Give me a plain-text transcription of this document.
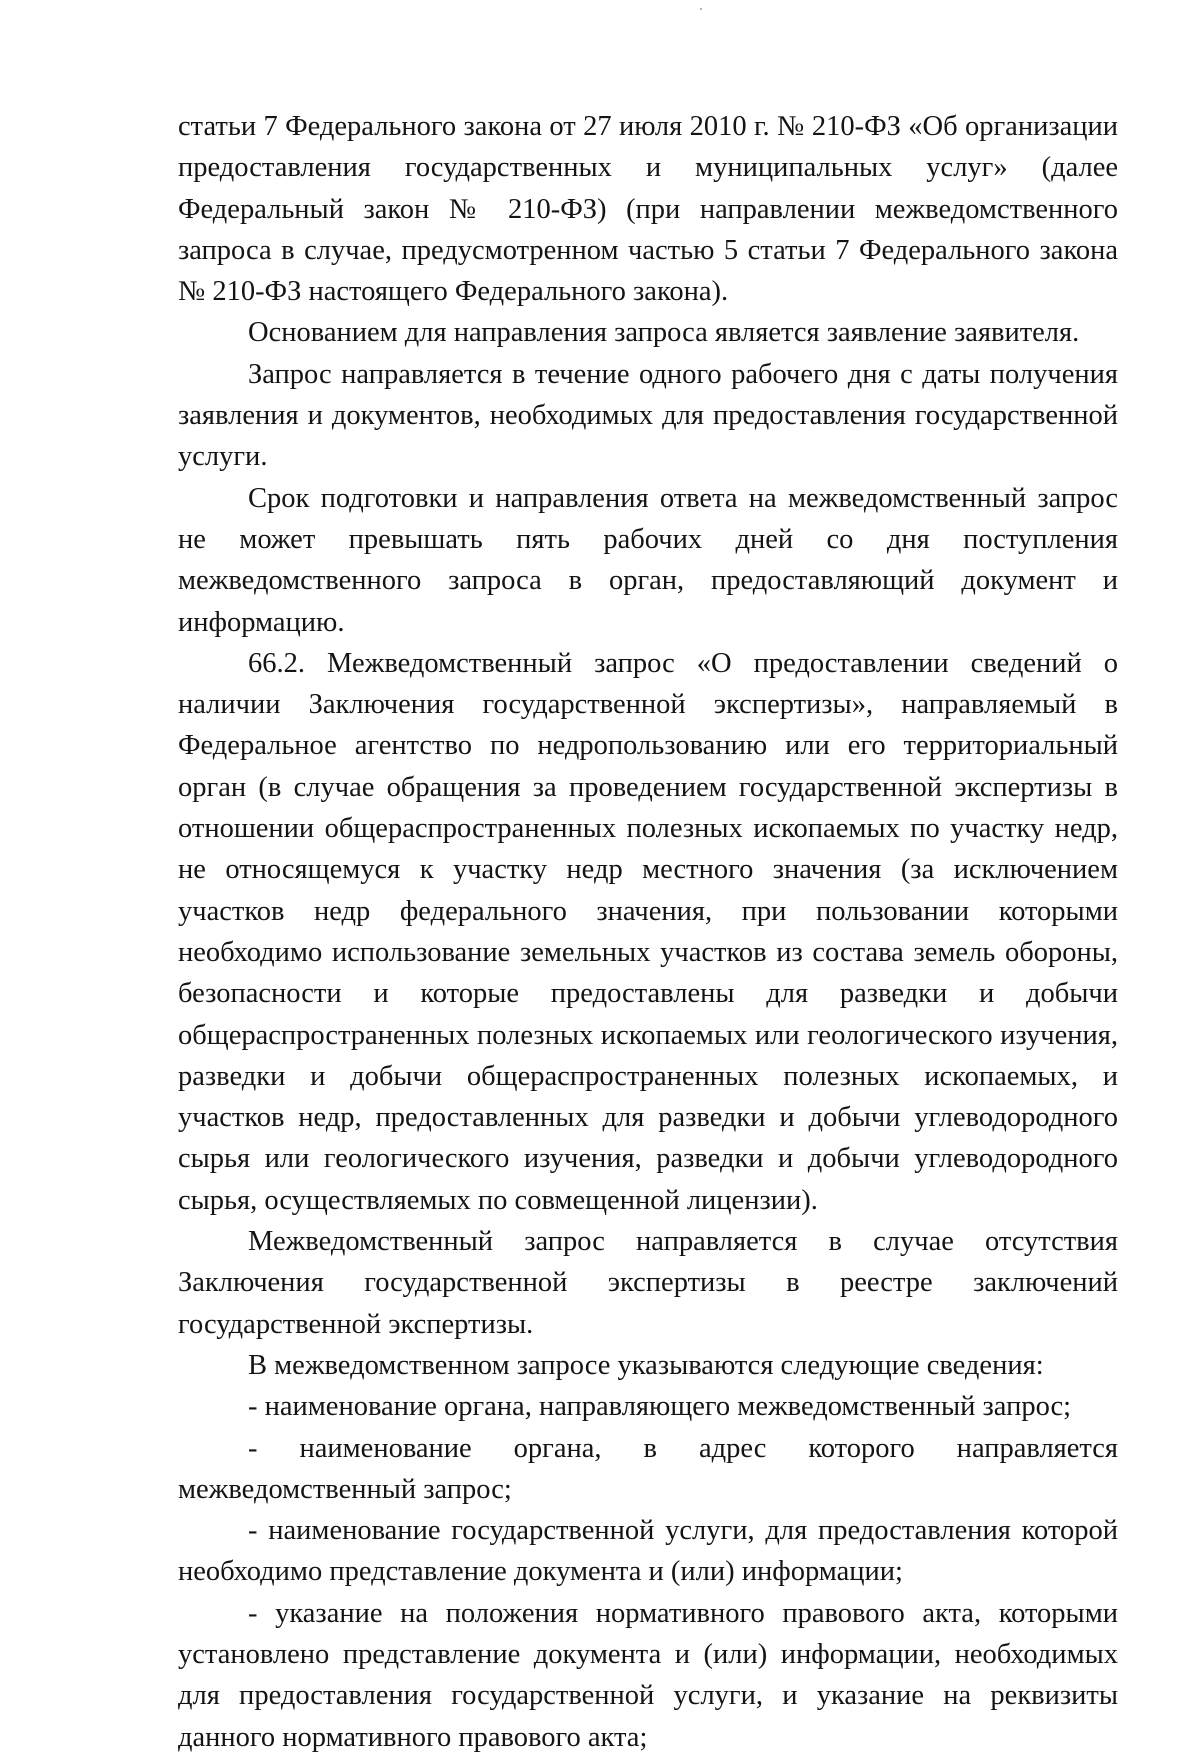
статьи 7 Федерального закона от 27 июля 2010 г. № 210-ФЗ «Об организации предоставления государственных и муниципальных услуг» (далее Федеральный закон № 210-ФЗ) (при направлении межведомственного запроса в случае, предусмотренном частью 5 статьи 7 Федерального закона № 210-ФЗ настоящего Федерального закона).

Основанием для направления запроса является заявление заявителя.

Запрос направляется в течение одного рабочего дня с даты получения заявления и документов, необходимых для предоставления государственной услуги.

Срок подготовки и направления ответа на межведомственный запрос не может превышать пять рабочих дней со дня поступления межведомственного запроса в орган, предоставляющий документ и информацию.

66.2. Межведомственный запрос «О предоставлении сведений о наличии Заключения государственной экспертизы», направляемый в Федеральное агентство по недропользованию или его территориальный орган (в случае обращения за проведением государственной экспертизы в отношении общераспространенных полезных ископаемых по участку недр, не относящемуся к участку недр местного значения (за исключением участков недр федерального значения, при пользовании которыми необходимо использование земельных участков из состава земель обороны, безопасности и которые предоставлены для разведки и добычи общераспространенных полезных ископаемых или геологического изучения, разведки и добычи общераспространенных полезных ископаемых, и участков недр, предоставленных для разведки и добычи углеводородного сырья или геологического изучения, разведки и добычи углеводородного сырья, осуществляемых по совмещенной лицензии).

Межведомственный запрос направляется в случае отсутствия Заключения государственной экспертизы в реестре заключений государственной экспертизы.

В межведомственном запросе указываются следующие сведения:

- наименование органа, направляющего межведомственный запрос;

- наименование органа, в адрес которого направляется межведомственный запрос;

- наименование государственной услуги, для предоставления которой необходимо представление документа и (или) информации;

- указание на положения нормативного правового акта, которыми установлено представление документа и (или) информации, необходимых для предоставления государственной услуги, и указание на реквизиты данного нормативного правового акта;
